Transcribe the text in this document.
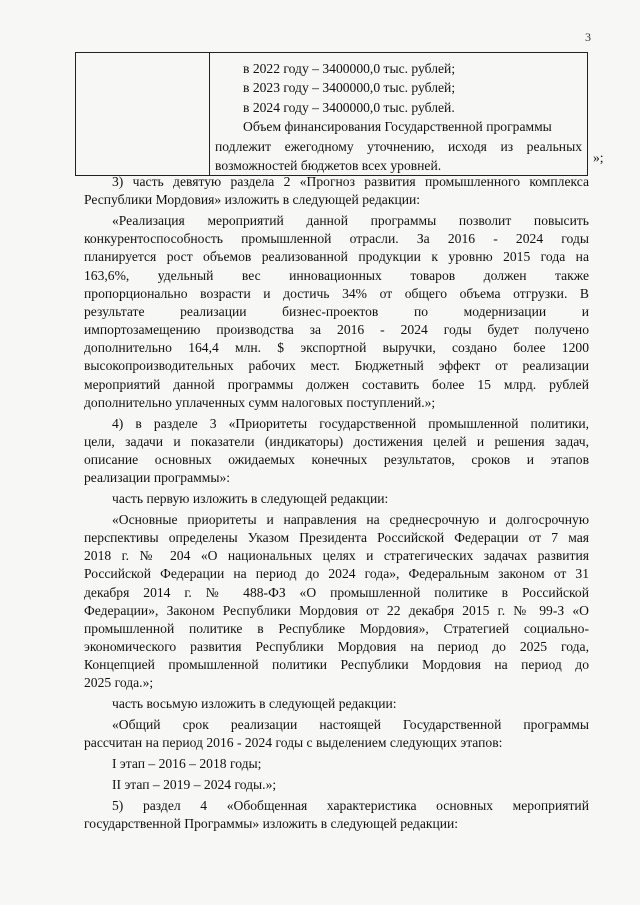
3

в 2022 году – 3400000,0 тыс. рублей;

в 2023 году – 3400000,0 тыс. рублей;

в 2024 году – 3400000,0 тыс. рублей.

Объем финансирования Государственной программы

подлежит ежегодному уточнению, исходя из реальных

возможностей бюджетов всех уровней.

»;

3) часть девятую раздела 2 «Прогноз развития промышленного комплекса

Республики Мордовия» изложить в следующей редакции:

«Реализация мероприятий данной программы позволит повысить

конкурентоспособность промышленной отрасли. За 2016 - 2024 годы

планируется рост объемов реализованной продукции к уровню 2015 года на

163,6%, удельный вес инновационных товаров должен также

пропорционально возрасти и достичь 34% от общего объема отгрузки. В

результате реализации бизнес-проектов по модернизации и

импортозамещению производства за 2016 - 2024 годы будет получено

дополнительно 164,4 млн. $ экспортной выручки, создано более 1200

высокопроизводительных рабочих мест. Бюджетный эффект от реализации

мероприятий данной программы должен составить более 15 млрд. рублей

дополнительно уплаченных сумм налоговых поступлений.»;

4) в разделе 3 «Приоритеты государственной промышленной политики,

цели, задачи и показатели (индикаторы) достижения целей и решения задач,

описание основных ожидаемых конечных результатов, сроков и этапов

реализации программы»:

часть первую изложить в следующей редакции:

«Основные приоритеты и направления на среднесрочную и долгосрочную

перспективы определены Указом Президента Российской Федерации от 7 мая

2018 г. № 204 «О национальных целях и стратегических задачах развития

Российской Федерации на период до 2024 года», Федеральным законом от 31

декабря 2014 г. № 488-ФЗ «О промышленной политике в Российской

Федерации», Законом Республики Мордовия от 22 декабря 2015 г. № 99-З «О

промышленной политике в Республике Мордовия», Стратегией социально-

экономического развития Республики Мордовия на период до 2025 года,

Концепцией промышленной политики Республики Мордовия на период до

2025 года.»;

часть восьмую изложить в следующей редакции:

«Общий срок реализации настоящей Государственной программы

рассчитан на период 2016 - 2024 годы с выделением следующих этапов:

I этап – 2016 – 2018 годы;

II этап – 2019 – 2024 годы.»;

5) раздел 4 «Обобщенная характеристика основных мероприятий

государственной Программы» изложить в следующей редакции:
